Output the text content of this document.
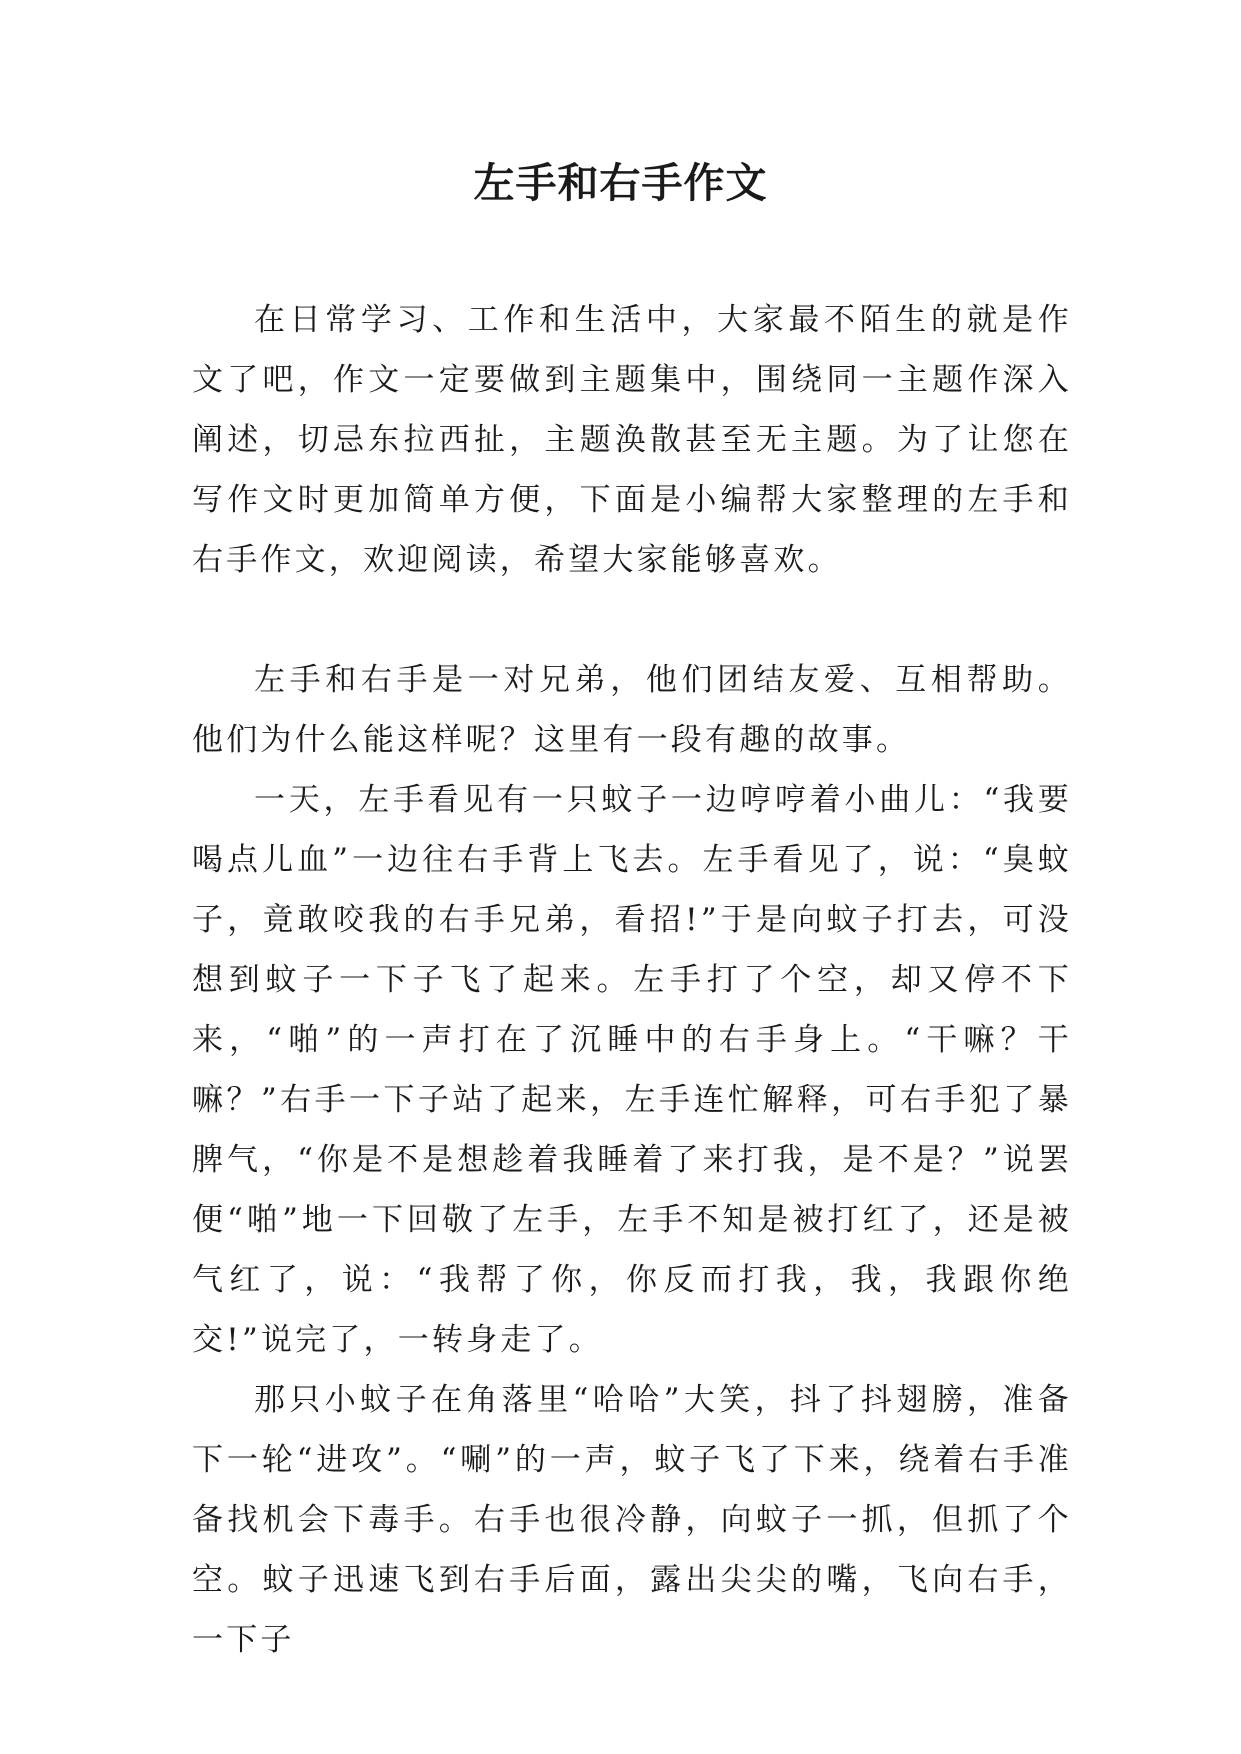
左手和右手作文

在日常学习、工作和生活中，大家最不陌生的就是作文了吧，作文一定要做到主题集中，围绕同一主题作深入阐述，切忌东拉西扯，主题涣散甚至无主题。为了让您在写作文时更加简单方便，下面是小编帮大家整理的左手和右手作文，欢迎阅读，希望大家能够喜欢。

左手和右手是一对兄弟，他们团结友爱、互相帮助。他们为什么能这样呢？这里有一段有趣的故事。

一天，左手看见有一只蚊子一边哼哼着小曲儿：“我要喝点儿血”一边往右手背上飞去。左手看见了，说：“臭蚊子，竟敢咬我的右手兄弟，看招!”于是向蚊子打去，可没想到蚊子一下子飞了起来。左手打了个空，却又停不下来，“啪”的一声打在了沉睡中的右手身上。“干嘛？干嘛？”右手一下子站了起来，左手连忙解释，可右手犯了暴脾气，“你是不是想趁着我睡着了来打我，是不是？”说罢便“啪”地一下回敬了左手，左手不知是被打红了，还是被气红了，说：“我帮了你，你反而打我，我，我跟你绝交!”说完了，一转身走了。

那只小蚊子在角落里“哈哈”大笑，抖了抖翅膀，准备下一轮“进攻”。“唰”的一声，蚊子飞了下来，绕着右手准备找机会下毒手。右手也很冷静，向蚊子一抓，但抓了个空。蚊子迅速飞到右手后面，露出尖尖的嘴，飞向右手，一下子
